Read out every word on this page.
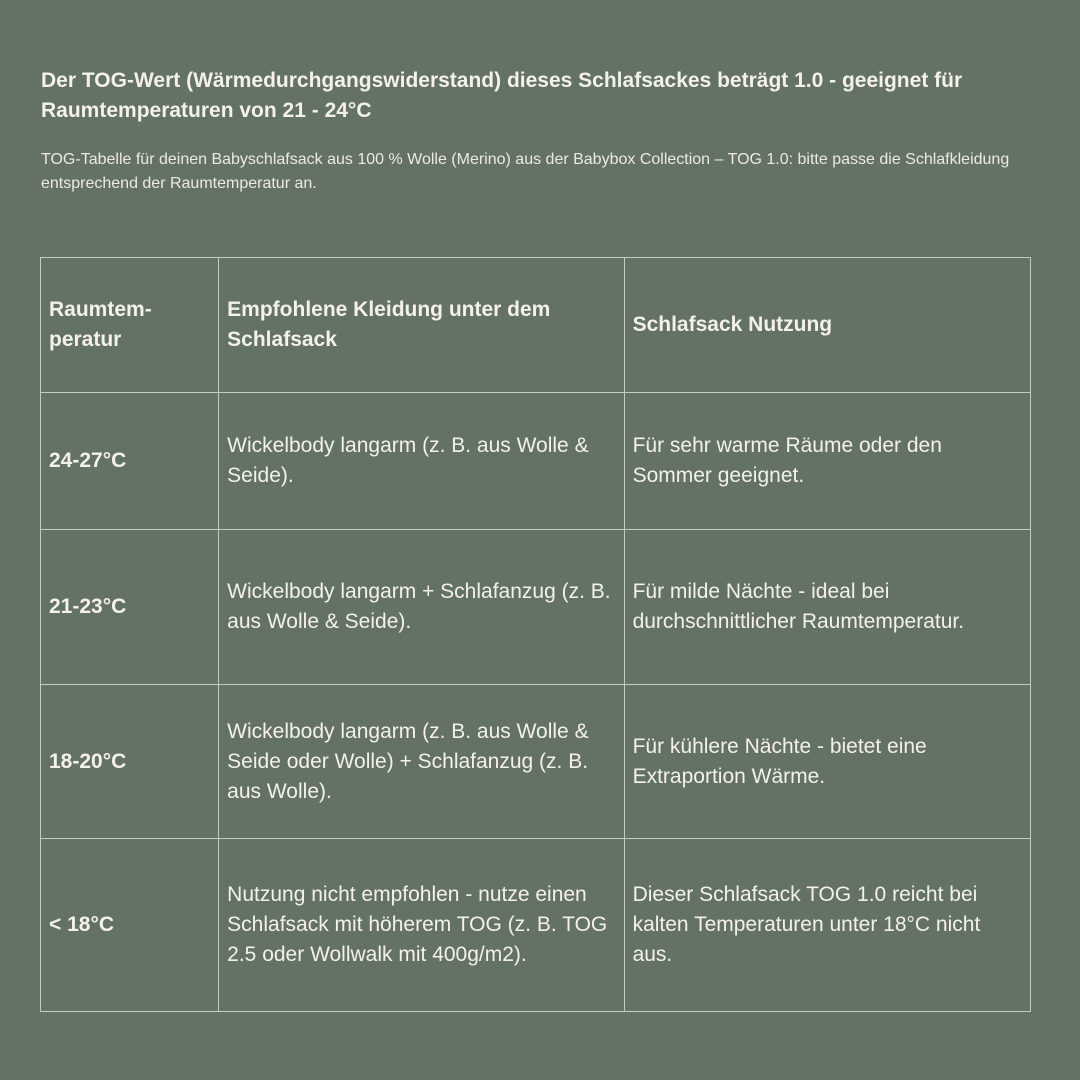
Der TOG-Wert (Wärmedurchgangswiderstand) dieses Schlafsackes beträgt 1.0 - geeignet für Raumtemperaturen von 21 - 24°C

TOG-Tabelle für deinen Babyschlafsack aus 100 % Wolle (Merino) aus der Babybox Collection – TOG 1.0: bitte passe die Schlafkleidung entsprechend der Raumtemperatur an.

Raumtem-peratur	Empfohlene Kleidung unter dem Schlafsack	Schlafsack Nutzung
24-27°C	Wickelbody langarm (z. B. aus Wolle & Seide).	Für sehr warme Räume oder den Sommer geeignet.
21-23°C	Wickelbody langarm + Schlafanzug (z. B. aus Wolle & Seide).	Für milde Nächte - ideal bei durchschnittlicher Raumtemperatur.
18-20°C	Wickelbody langarm (z. B. aus Wolle & Seide oder Wolle) + Schlafanzug (z. B. aus Wolle).	Für kühlere Nächte - bietet eine Extraportion Wärme.
< 18°C	Nutzung nicht empfohlen - nutze einen Schlafsack mit höherem TOG (z. B. TOG 2.5 oder Wollwalk mit 400g/m2).	Dieser Schlafsack TOG 1.0 reicht bei kalten Temperaturen unter 18°C nicht aus.
